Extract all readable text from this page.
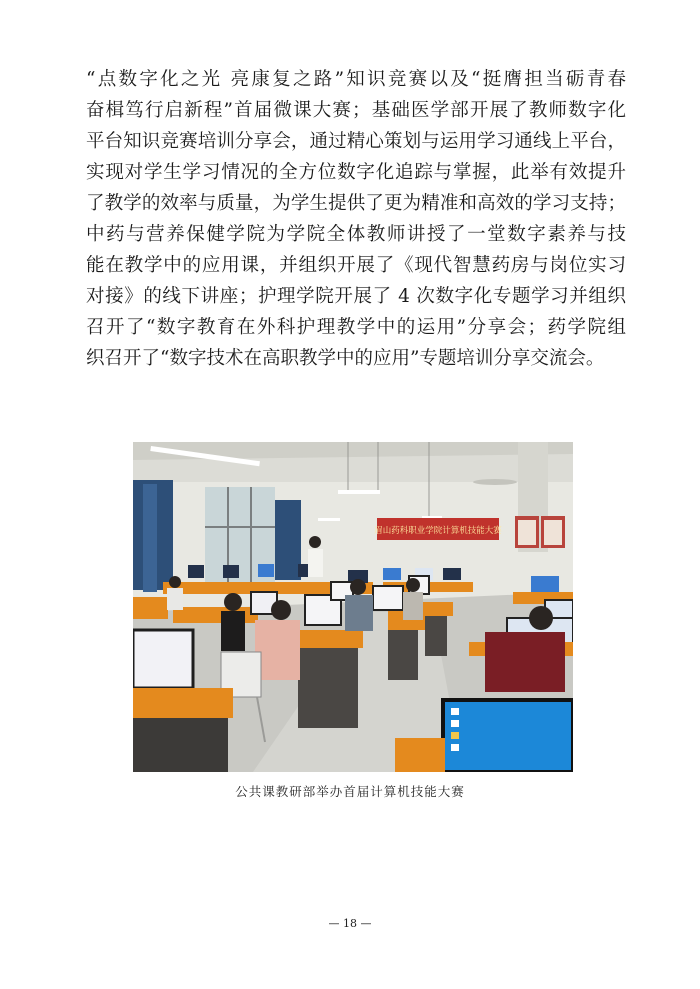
“点数字化之光 亮康复之路”知识竞赛以及“挺膺担当砺青春
奋楫笃行启新程”首届微课大赛；基础医学部开展了教师数字化
平台知识竞赛培训分享会，通过精心策划与运用学习通线上平台，
实现对学生学习情况的全方位数字化追踪与掌握，此举有效提升
了教学的效率与质量，为学生提供了更为精准和高效的学习支持；
中药与营养保健学院为学院全体教师讲授了一堂数字素养与技
能在教学中的应用课，并组织开展了《现代智慧药房与岗位实习
对接》的线下讲座；护理学院开展了 4 次数字化专题学习并组织
召开了“数字教育在外科护理教学中的运用”分享会；药学院组
织召开了“数字技术在高职教学中的应用”专题培训分享交流会。
眉山药科职业学院计算机技能大赛
公共课教研部举办首届计算机技能大赛
— 18 —
